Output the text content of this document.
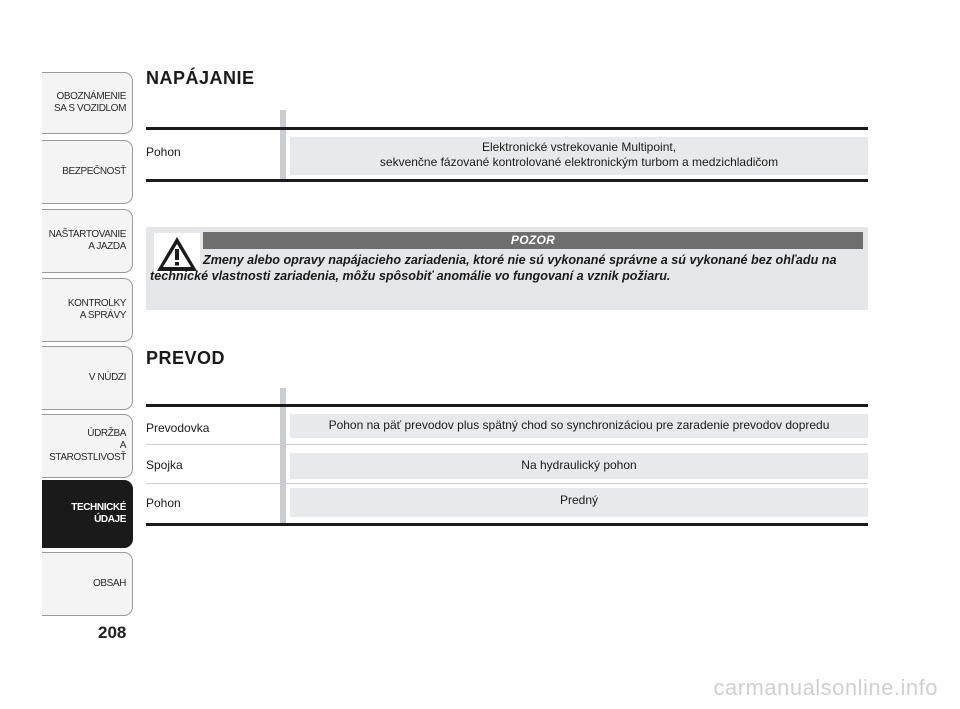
OBOZNÁMENIE
SA S VOZIDLOM
BEZPEČNOSŤ
NAŠTARTOVANIE
A JAZDA
KONTROLKY
A SPRÁVY
V NÚDZI
ÚDRŽBA
A STAROSTLIVOSŤ
TECHNICKÉ
ÚDAJE
OBSAH
208
NAPÁJANIE
Pohon	Elektronické vstrekovanie Multipoint,
sekvenčne fázované kontrolované elektronickým turbom a medzichladičom
POZOR
Zmeny alebo opravy napájacieho zariadenia, ktoré nie sú vykonané správne a sú vykonané bez ohľadu na technické vlastnosti zariadenia, môžu spôsobiť anomálie vo fungovaní a vznik požiaru.
PREVOD
Prevodovka	Pohon na päť prevodov plus spätný chod so synchronizáciou pre zaradenie prevodov dopredu
Spojka	Na hydraulický pohon
Pohon	Predný
carmanualsonline.info
